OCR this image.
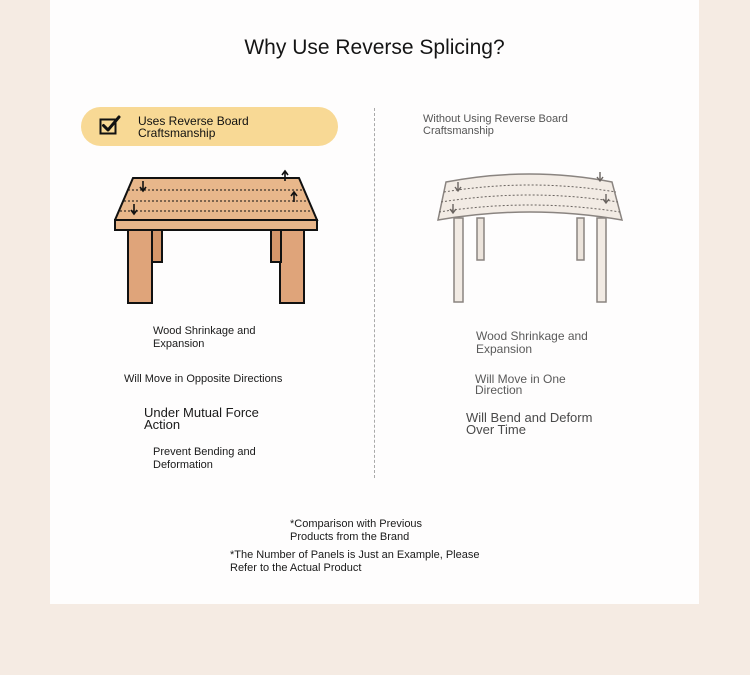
Why Use Reverse Splicing?
Uses Reverse Board
Craftsmanship
Wood Shrinkage and
Expansion
Will Move in Opposite Directions
Under Mutual Force
Action
Prevent Bending and
Deformation
Without Using Reverse Board
Craftsmanship
Wood Shrinkage and
Expansion
Will Move in One
Direction
Will Bend and Deform
Over Time
*Comparison with Previous
Products from the Brand
*The Number of Panels is Just an Example, Please
Refer to the Actual Product
